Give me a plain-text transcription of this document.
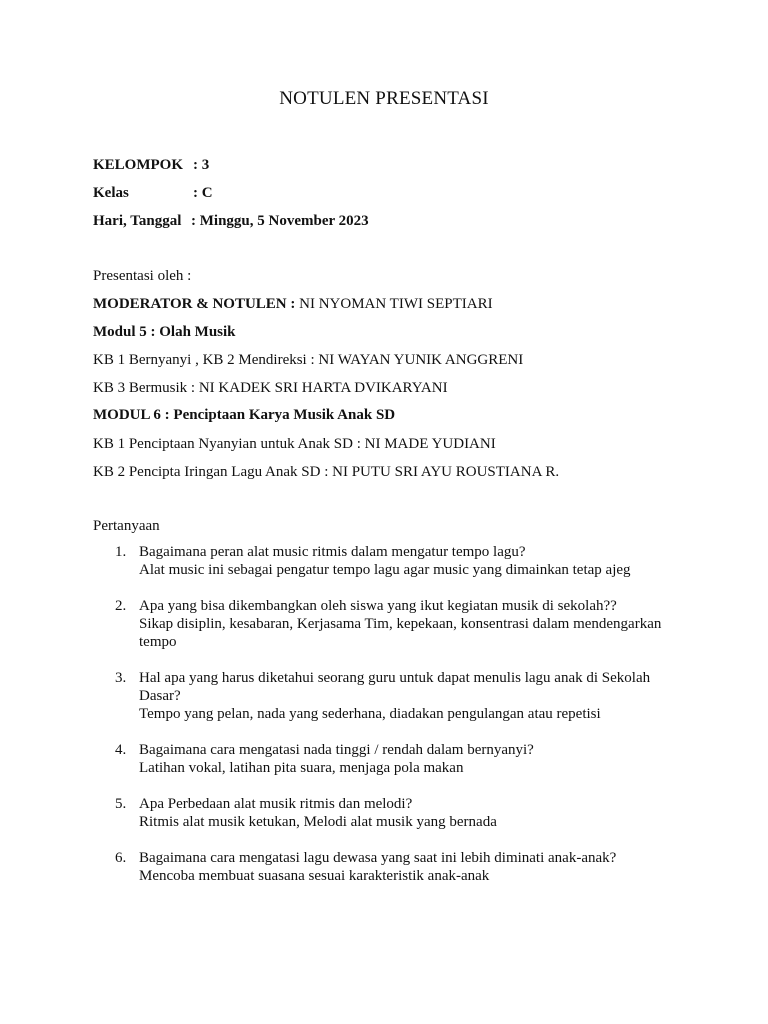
NOTULEN PRESENTASI
KELOMPOK : 3
Kelas	: C
Hari, Tanggal : Minggu, 5 November 2023
Presentasi oleh :
MODERATOR & NOTULEN : NI NYOMAN TIWI SEPTIARI
Modul 5 : Olah Musik
KB 1 Bernyanyi , KB 2 Mendireksi : NI WAYAN YUNIK ANGGRENI
KB 3 Bermusik : NI KADEK SRI HARTA DVIKARYANI
MODUL 6 : Penciptaan Karya Musik Anak SD
KB 1 Penciptaan Nyanyian untuk Anak SD : NI MADE YUDIANI
KB 2 Pencipta Iringan Lagu Anak SD : NI PUTU SRI AYU ROUSTIANA R.
Pertanyaan
1. Bagaimana peran alat music ritmis dalam mengatur tempo lagu?
Alat music ini sebagai pengatur tempo lagu agar music yang dimainkan tetap ajeg
2. Apa yang bisa dikembangkan oleh siswa yang ikut kegiatan musik di sekolah??
Sikap disiplin, kesabaran, Kerjasama Tim, kepekaan, konsentrasi dalam mendengarkan tempo
3. Hal apa yang harus diketahui seorang guru untuk dapat menulis lagu anak di Sekolah Dasar?
Tempo yang pelan, nada yang sederhana, diadakan pengulangan atau repetisi
4. Bagaimana cara mengatasi nada tinggi / rendah dalam bernyanyi?
Latihan vokal, latihan pita suara, menjaga pola makan
5. Apa Perbedaan alat musik ritmis dan melodi?
Ritmis alat musik ketukan, Melodi alat musik yang bernada
6. Bagaimana cara mengatasi lagu dewasa yang saat ini lebih diminati anak-anak?
Mencoba membuat suasana sesuai karakteristik anak-anak
